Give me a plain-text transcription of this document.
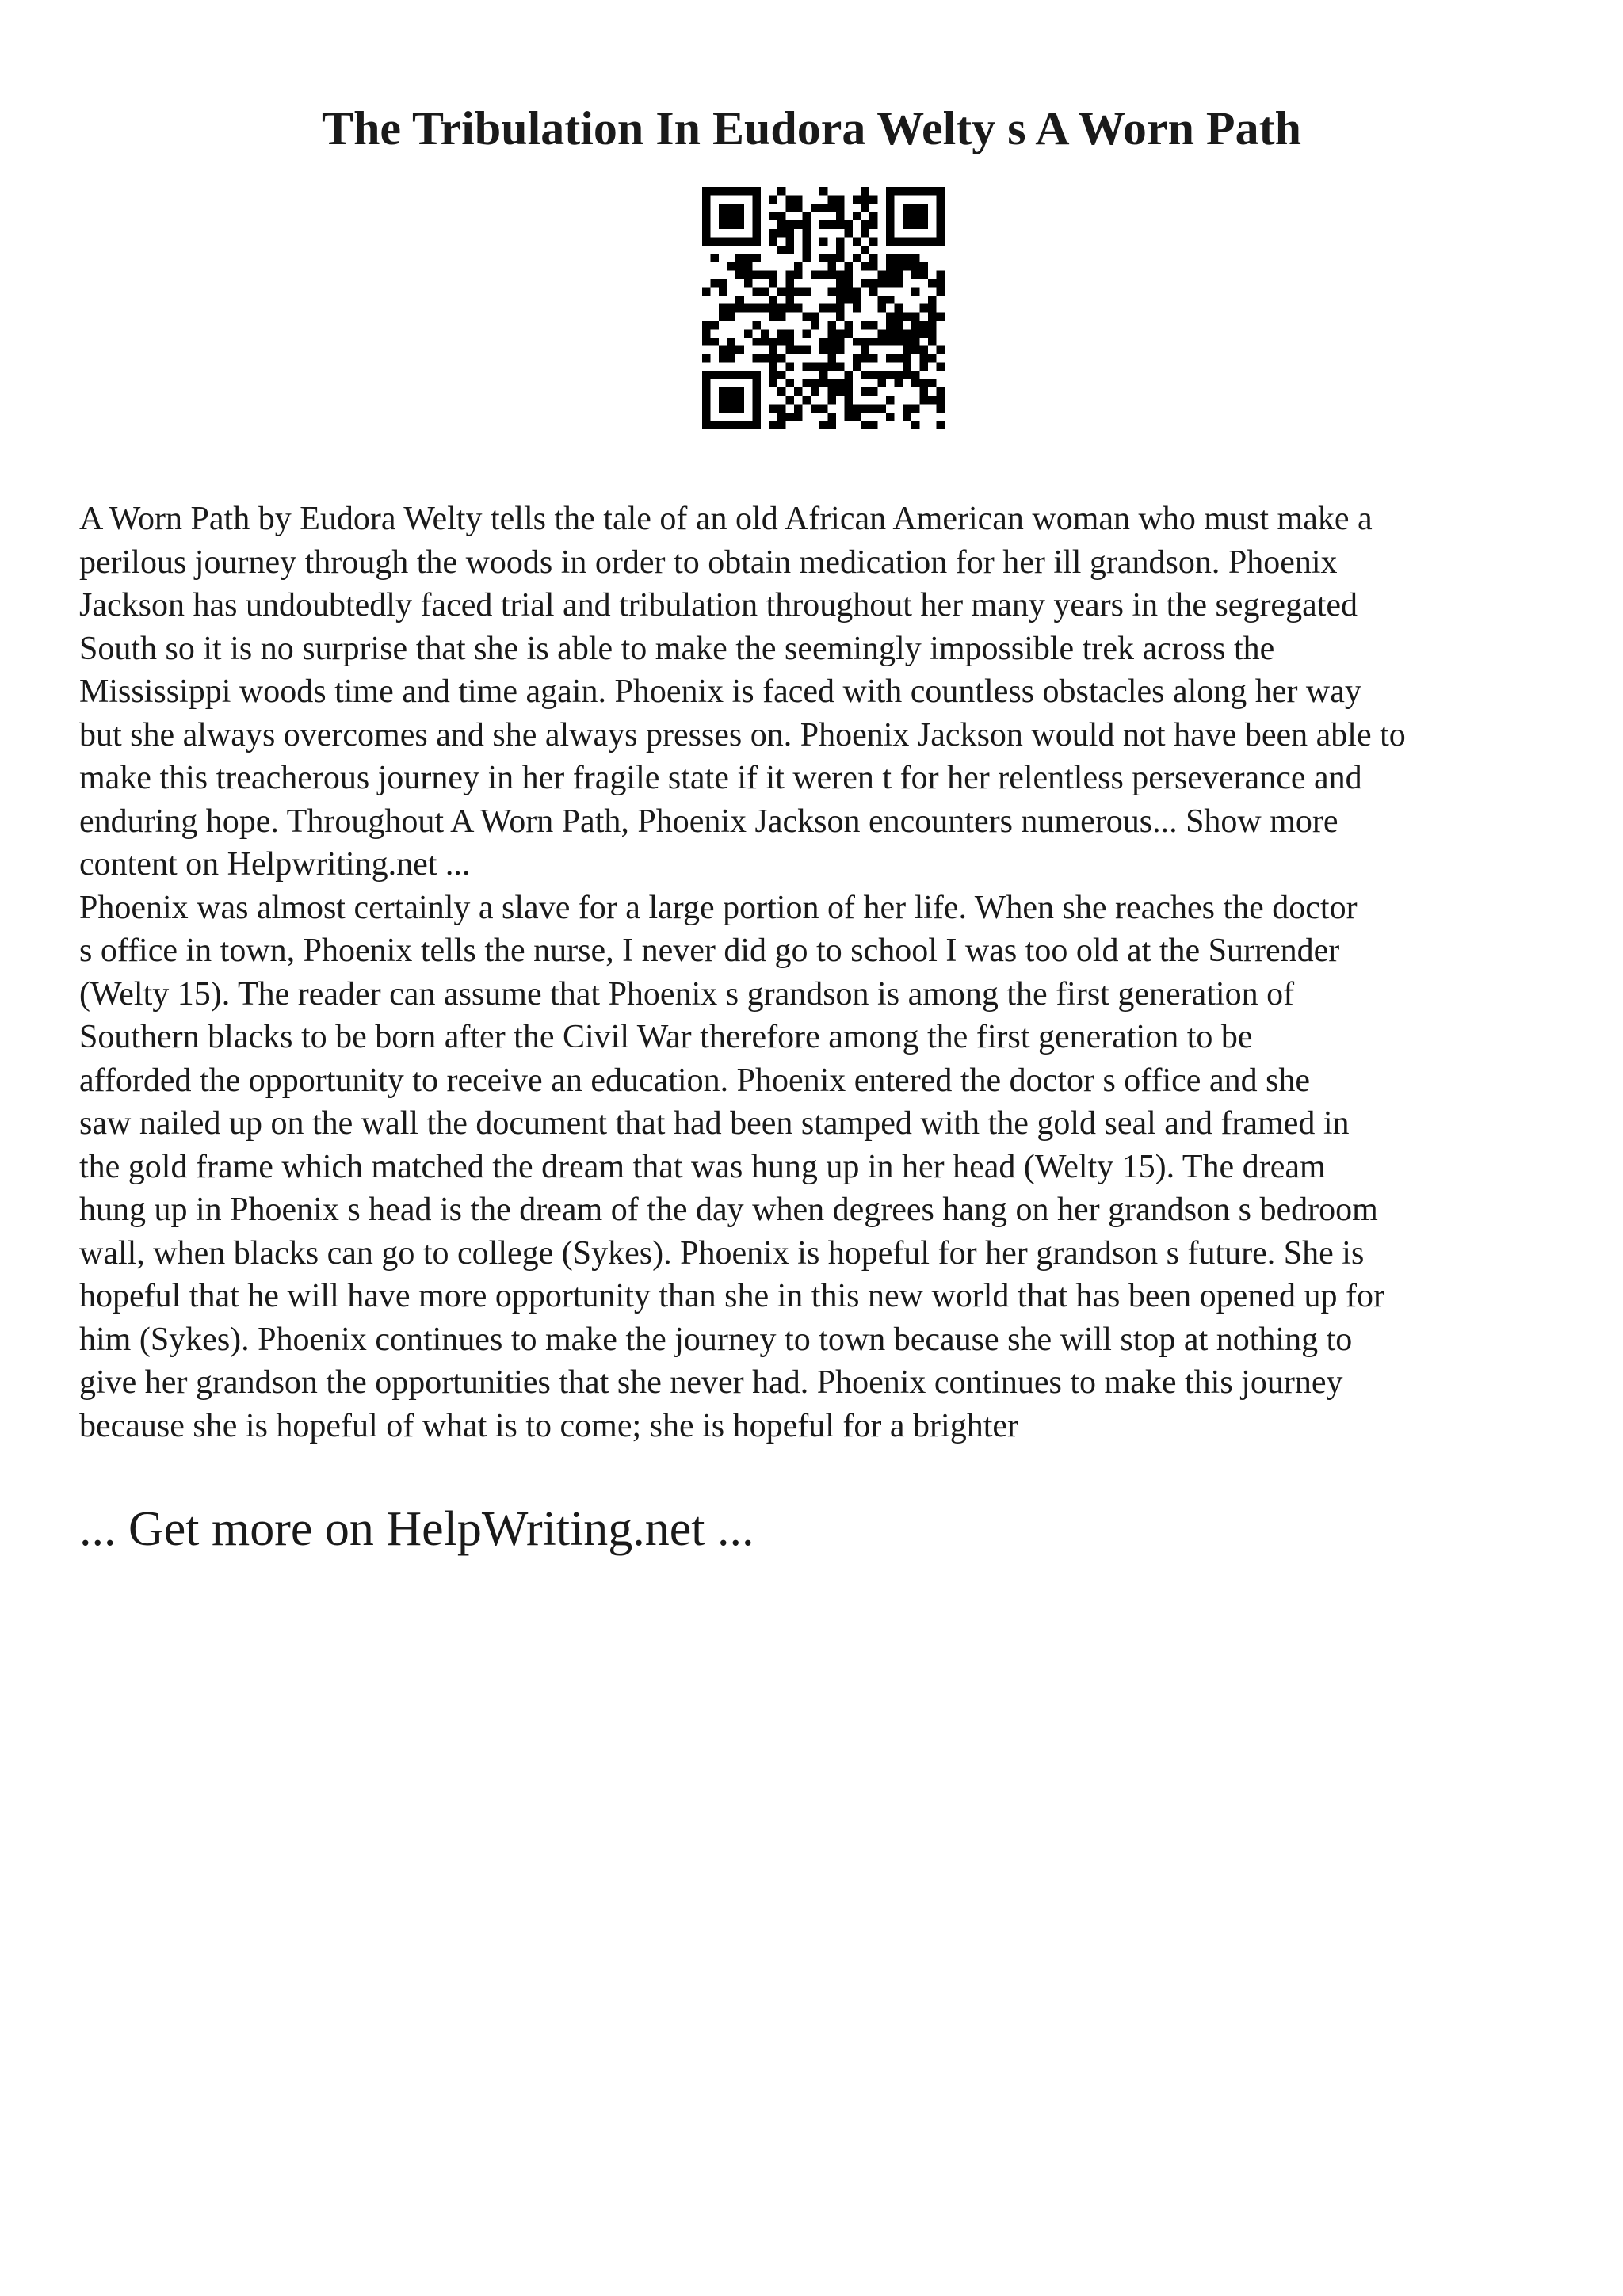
The Tribulation In Eudora Welty s A Worn Path

A Worn Path by Eudora Welty tells the tale of an old African American woman who must make a
perilous journey through the woods in order to obtain medication for her ill grandson. Phoenix
Jackson has undoubtedly faced trial and tribulation throughout her many years in the segregated
South so it is no surprise that she is able to make the seemingly impossible trek across the
Mississippi woods time and time again. Phoenix is faced with countless obstacles along her way
but she always overcomes and she always presses on. Phoenix Jackson would not have been able to
make this treacherous journey in her fragile state if it weren t for her relentless perseverance and
enduring hope. Throughout A Worn Path, Phoenix Jackson encounters numerous... Show more
content on Helpwriting.net ...

Phoenix was almost certainly a slave for a large portion of her life. When she reaches the doctor
s office in town, Phoenix tells the nurse, I never did go to school I was too old at the Surrender
(Welty 15). The reader can assume that Phoenix s grandson is among the first generation of
Southern blacks to be born after the Civil War therefore among the first generation to be
afforded the opportunity to receive an education. Phoenix entered the doctor s office and she
saw nailed up on the wall the document that had been stamped with the gold seal and framed in
the gold frame which matched the dream that was hung up in her head (Welty 15). The dream
hung up in Phoenix s head is the dream of the day when degrees hang on her grandson s bedroom
wall, when blacks can go to college (Sykes). Phoenix is hopeful for her grandson s future. She is
hopeful that he will have more opportunity than she in this new world that has been opened up for
him (Sykes). Phoenix continues to make the journey to town because she will stop at nothing to
give her grandson the opportunities that she never had. Phoenix continues to make this journey
because she is hopeful of what is to come; she is hopeful for a brighter

... Get more on HelpWriting.net ...
